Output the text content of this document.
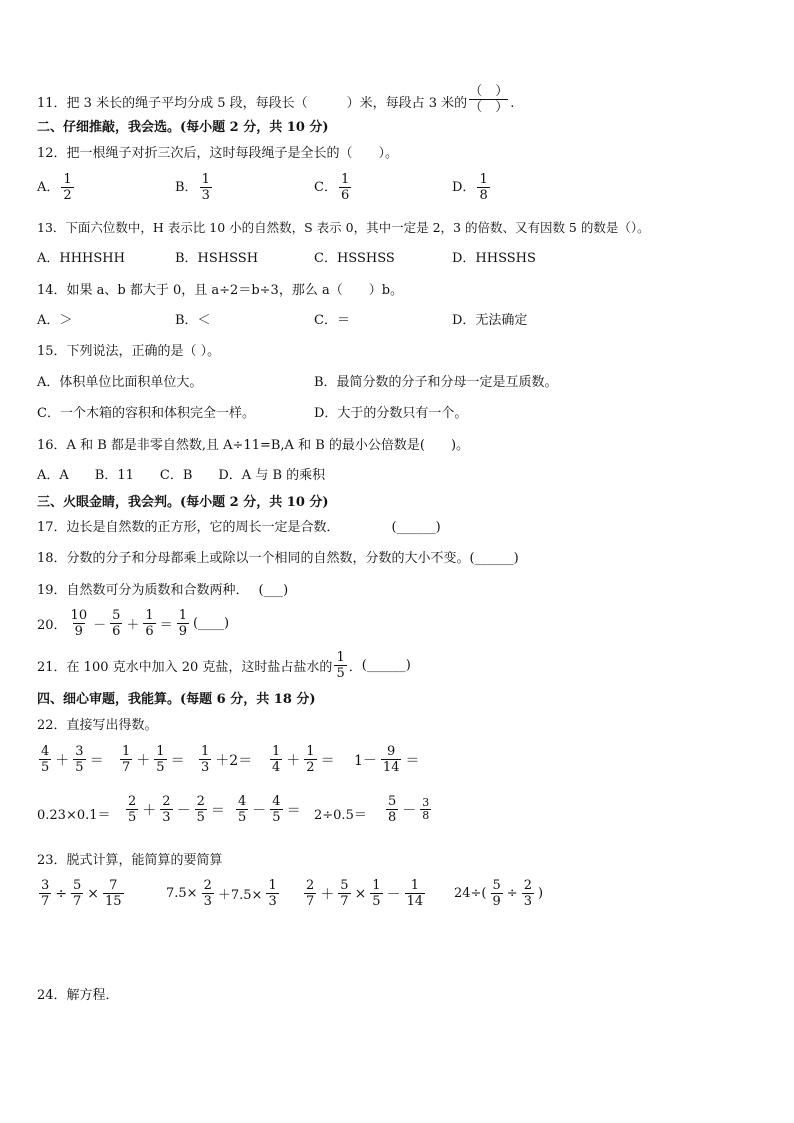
11．把 3 米长的绳子平均分成 5 段，每段长（　　　	）米，每段占 3 米的 $\frac{( )}{( )}$ .
二、仔细推敲，我会选。(每小题 2 分，共 10 分)
12．把一根绳子对折三次后，这时每段绳子是全长的（　　）。
A． $\frac{1}{2}$	B． $\frac{1}{3}$	C． $\frac{1}{6}$	D． $\frac{1}{8}$
13．下面六位数中，H 表示比 10 小的自然数，S 表示 0，其中一定是 2，3 的倍数、又有因数 5 的数是（）。
A．HHHSHH	B．HSHSSH	C．HSSHSS	D．HHSSHS
14．如果 a、b 都大于 0，且 a÷2＝b÷3，那么 a（　　）b。
A．＞	B．＜	C．＝	D．无法确定
15．下列说法，正确的是（ ）。
A．体积单位比面积单位大。	B．最简分数的分子和分母一定是互质数。
C．一个木箱的容积和体积完全一样。	D．大于的分数只有一个。
16．A 和 B 都是非零自然数,且 A÷11=B,A 和 B 的最小公倍数是(　　)。
A．A　　B．11　　C．B　　D．A 与 B 的乘积
三、火眼金睛，我会判。(每小题 2 分，共 10 分)
17．边长是自然数的正方形，它的周长一定是合数．	(______)
18．分数的分子和分母都乘上或除以一个相同的自然数，分数的大小不变。(______)
19．自然数可分为质数和合数两种． (___)
20． $\frac{10}{9} - \frac{5}{6} + \frac{1}{6} = \frac{1}{9}$ (____)
21．在 100 克水中加入 20 克盐，这时盐占盐水的 $\frac{1}{5}$ ． (______)
四、细心审题，我能算。(每题 6 分，共 18 分)
22．直接写出得数。
$\frac{4}{5} + \frac{3}{5} = \frac{1}{7} + \frac{1}{5} = \frac{1}{3} +2= \frac{1}{4} + \frac{1}{2} = 1- \frac{9}{14}$ ＝
$0.23\times 0.1= \frac{2}{5} + \frac{2}{3} - \frac{2}{5} = \frac{4}{5} - \frac{4}{5} = 2\div 0.5= \frac{5}{8} - \frac{3}{8}$
23．脱式计算，能简算的要简算
$\frac{3}{7} \div \frac{5}{7} \times \frac{7}{15}$	$7.5\times \frac{2}{3} +7.5\times \frac{1}{3} \frac{2}{7} + \frac{5}{7} \times \frac{1}{5} - \frac{1}{14} 24\div( \frac{5}{9} \div \frac{2}{3}$ )
24．解方程．
